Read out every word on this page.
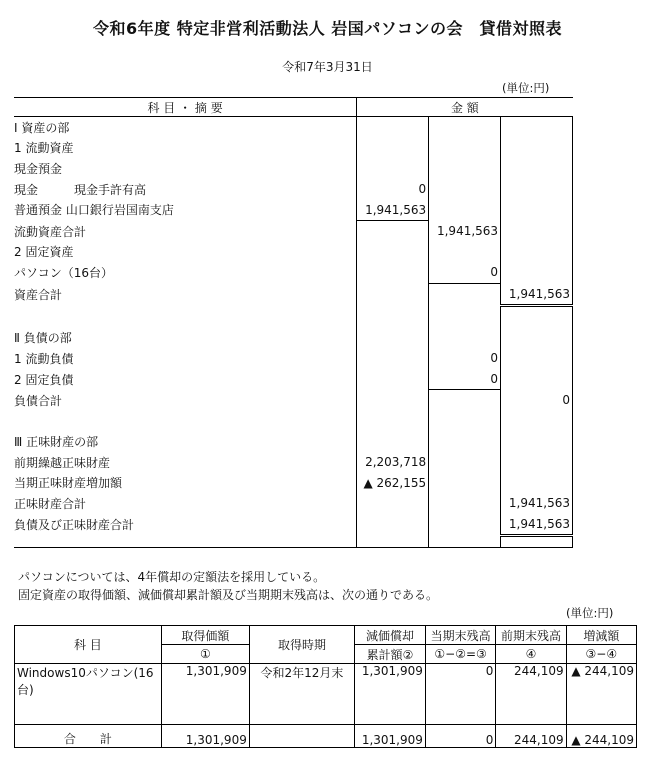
令和6年度 特定非営利活動法人 岩国パソコンの会　貸借対照表
令和7年3月31日
(単位:円)
科 目 ・ 摘 要	金 額		
Ⅰ 資産の部			
1 流動資産			
現金預金			
現金　　　現金手許有高	0		
普通預金 山口銀行岩国南支店	1,941,563		
流動資産合計		1,941,563	
2 固定資産			
パソコン（16台）		0	
資産合計			1,941,563

Ⅱ 負債の部			
1 流動負債		0	
2 固定負債		0	
負債合計			0

Ⅲ 正味財産の部			
前期繰越正味財産	2,203,718		
当期正味財産増加額	▲ 262,155		
正味財産合計			1,941,563
負債及び正味財産合計			1,941,563

パソコンについては、4年償却の定額法を採用している。
固定資産の取得価額、減価償却累計額及び当期期末残高は、次の通りである。
(単位:円)
科 目	取得価額	取得時期	減価償却	当期末残高	前期末残高	増減額
	①		累計額②	①−②=③	④	③−④
Windows10パソコン(16台)	1,301,909	令和2年12月末	1,301,909	0	244,109	▲ 244,109
合　　計	1,301,909		1,301,909	0	244,109	▲ 244,109
